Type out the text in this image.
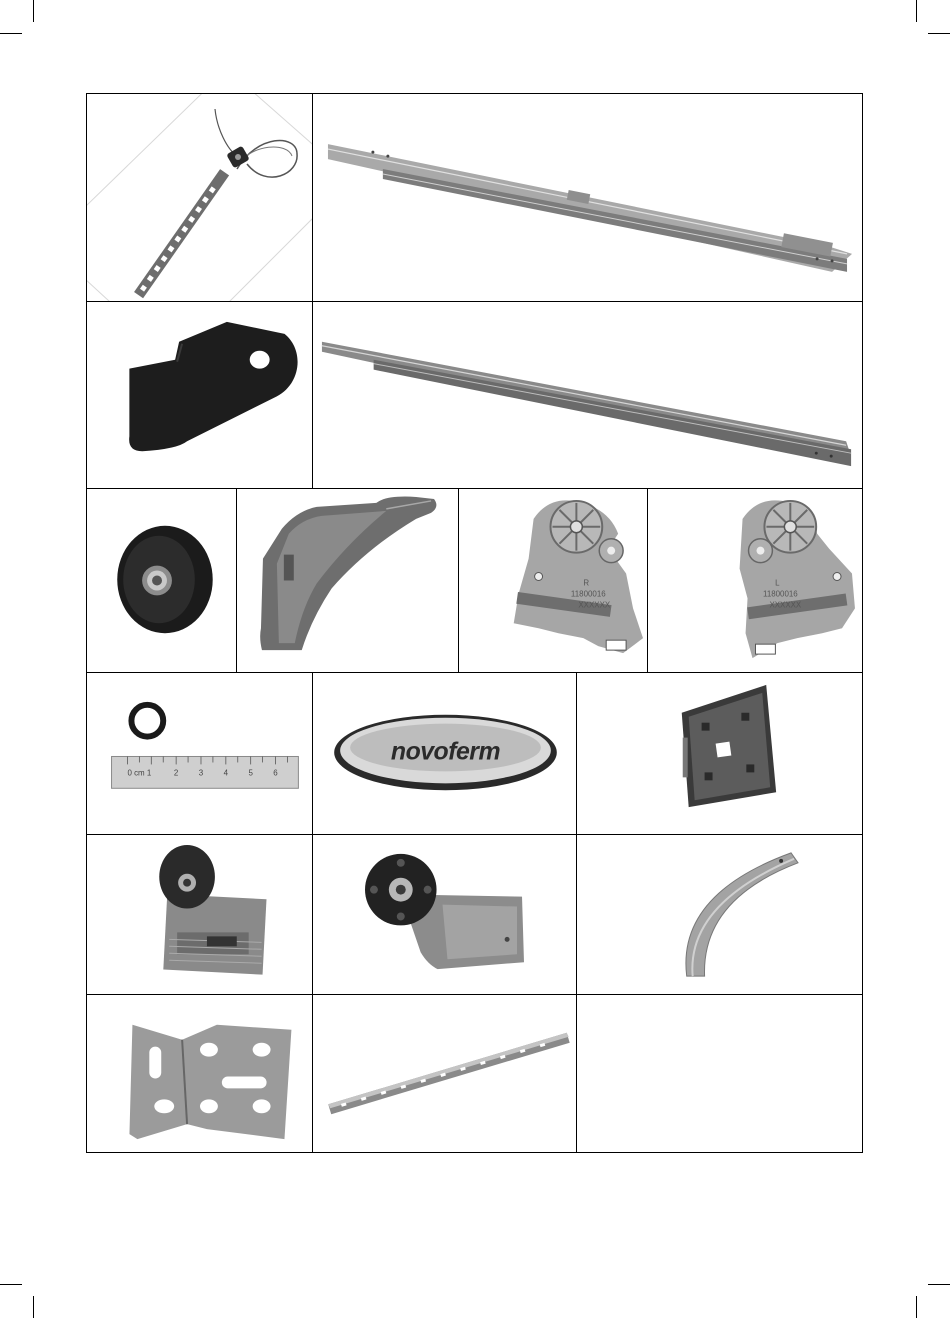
R
11800016
XXXXXX
L
11800016
XXXXXX
0 cm 1	2	3	4	5	6
novoferm
